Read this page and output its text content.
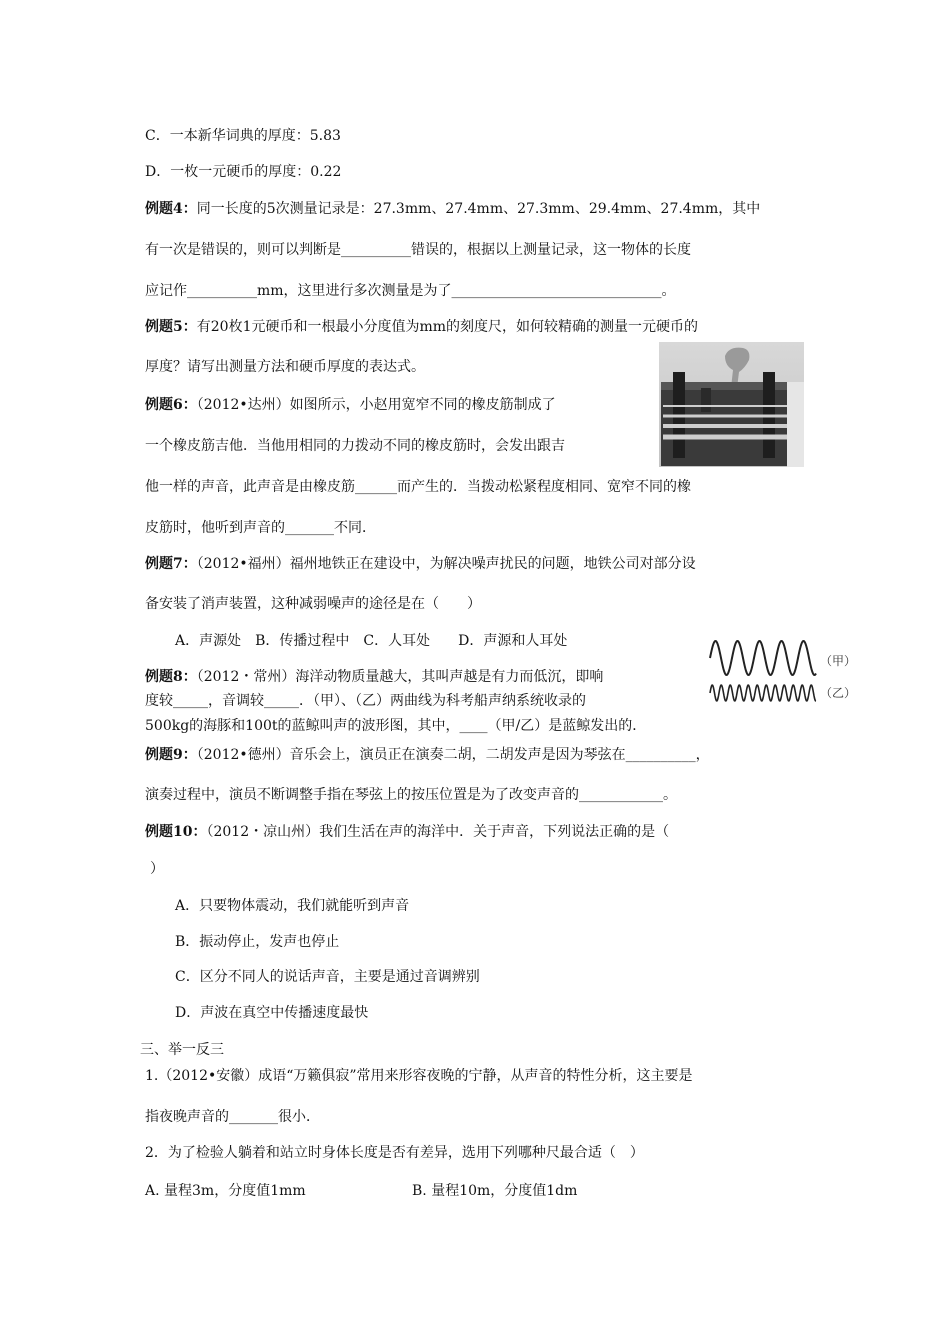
C．一本新华词典的厚度：5.83
D．一枚一元硬币的厚度：0.22
例题4：同一长度的5次测量记录是：27.3mm、27.4mm、27.3mm、29.4mm、27.4mm，其中
有一次是错误的，则可以判断是__________错误的，根据以上测量记录，这一物体的长度
应记作__________mm，这里进行多次测量是为了______________________________。
例题5：有20枚1元硬币和一根最小分度值为mm的刻度尺，如何较精确的测量一元硬币的
厚度？请写出测量方法和硬币厚度的表达式。
例题6：（2012•达州）如图所示，小赵用宽窄不同的橡皮筋制成了
一个橡皮筋吉他．当他用相同的力拨动不同的橡皮筋时，会发出跟吉
他一样的声音，此声音是由橡皮筋______而产生的．当拨动松紧程度相同、宽窄不同的橡
皮筋时，他听到声音的_______不同．
例题7：（2012•福州）福州地铁正在建设中，为解决噪声扰民的问题，地铁公司对部分设
备安装了消声装置，这种减弱噪声的途径是在（　　）
A．声源处　B．传播过程中　C．人耳处　　D．声源和人耳处
（甲）
（乙）
例题8：（2012・常州）海洋动物质量越大，其叫声越是有力而低沉，即响
度较_____，音调较_____．（甲）、（乙）两曲线为科考船声纳系统收录的
500kg的海豚和100t的蓝鲸叫声的波形图，其中，____（甲/乙）是蓝鲸发出的．
例题9：（2012•德州）音乐会上，演员正在演奏二胡，二胡发声是因为琴弦在__________，
演奏过程中，演员不断调整手指在琴弦上的按压位置是为了改变声音的____________。
例题10：（2012・凉山州）我们生活在声的海洋中．关于声音，下列说法正确的是（
）
A．只要物体震动，我们就能听到声音
B．振动停止，发声也停止
C．区分不同人的说话声音，主要是通过音调辨别
D．声波在真空中传播速度最快
三、举一反三
1.（2012•安徽）成语“万籁俱寂”常用来形容夜晚的宁静，从声音的特性分析，这主要是
指夜晚声音的_______很小．
2．为了检验人躺着和站立时身体长度是否有差异，选用下列哪种尺最合适（　）
A. 量程3m，分度值1mm	B. 量程10m，分度值1dm
